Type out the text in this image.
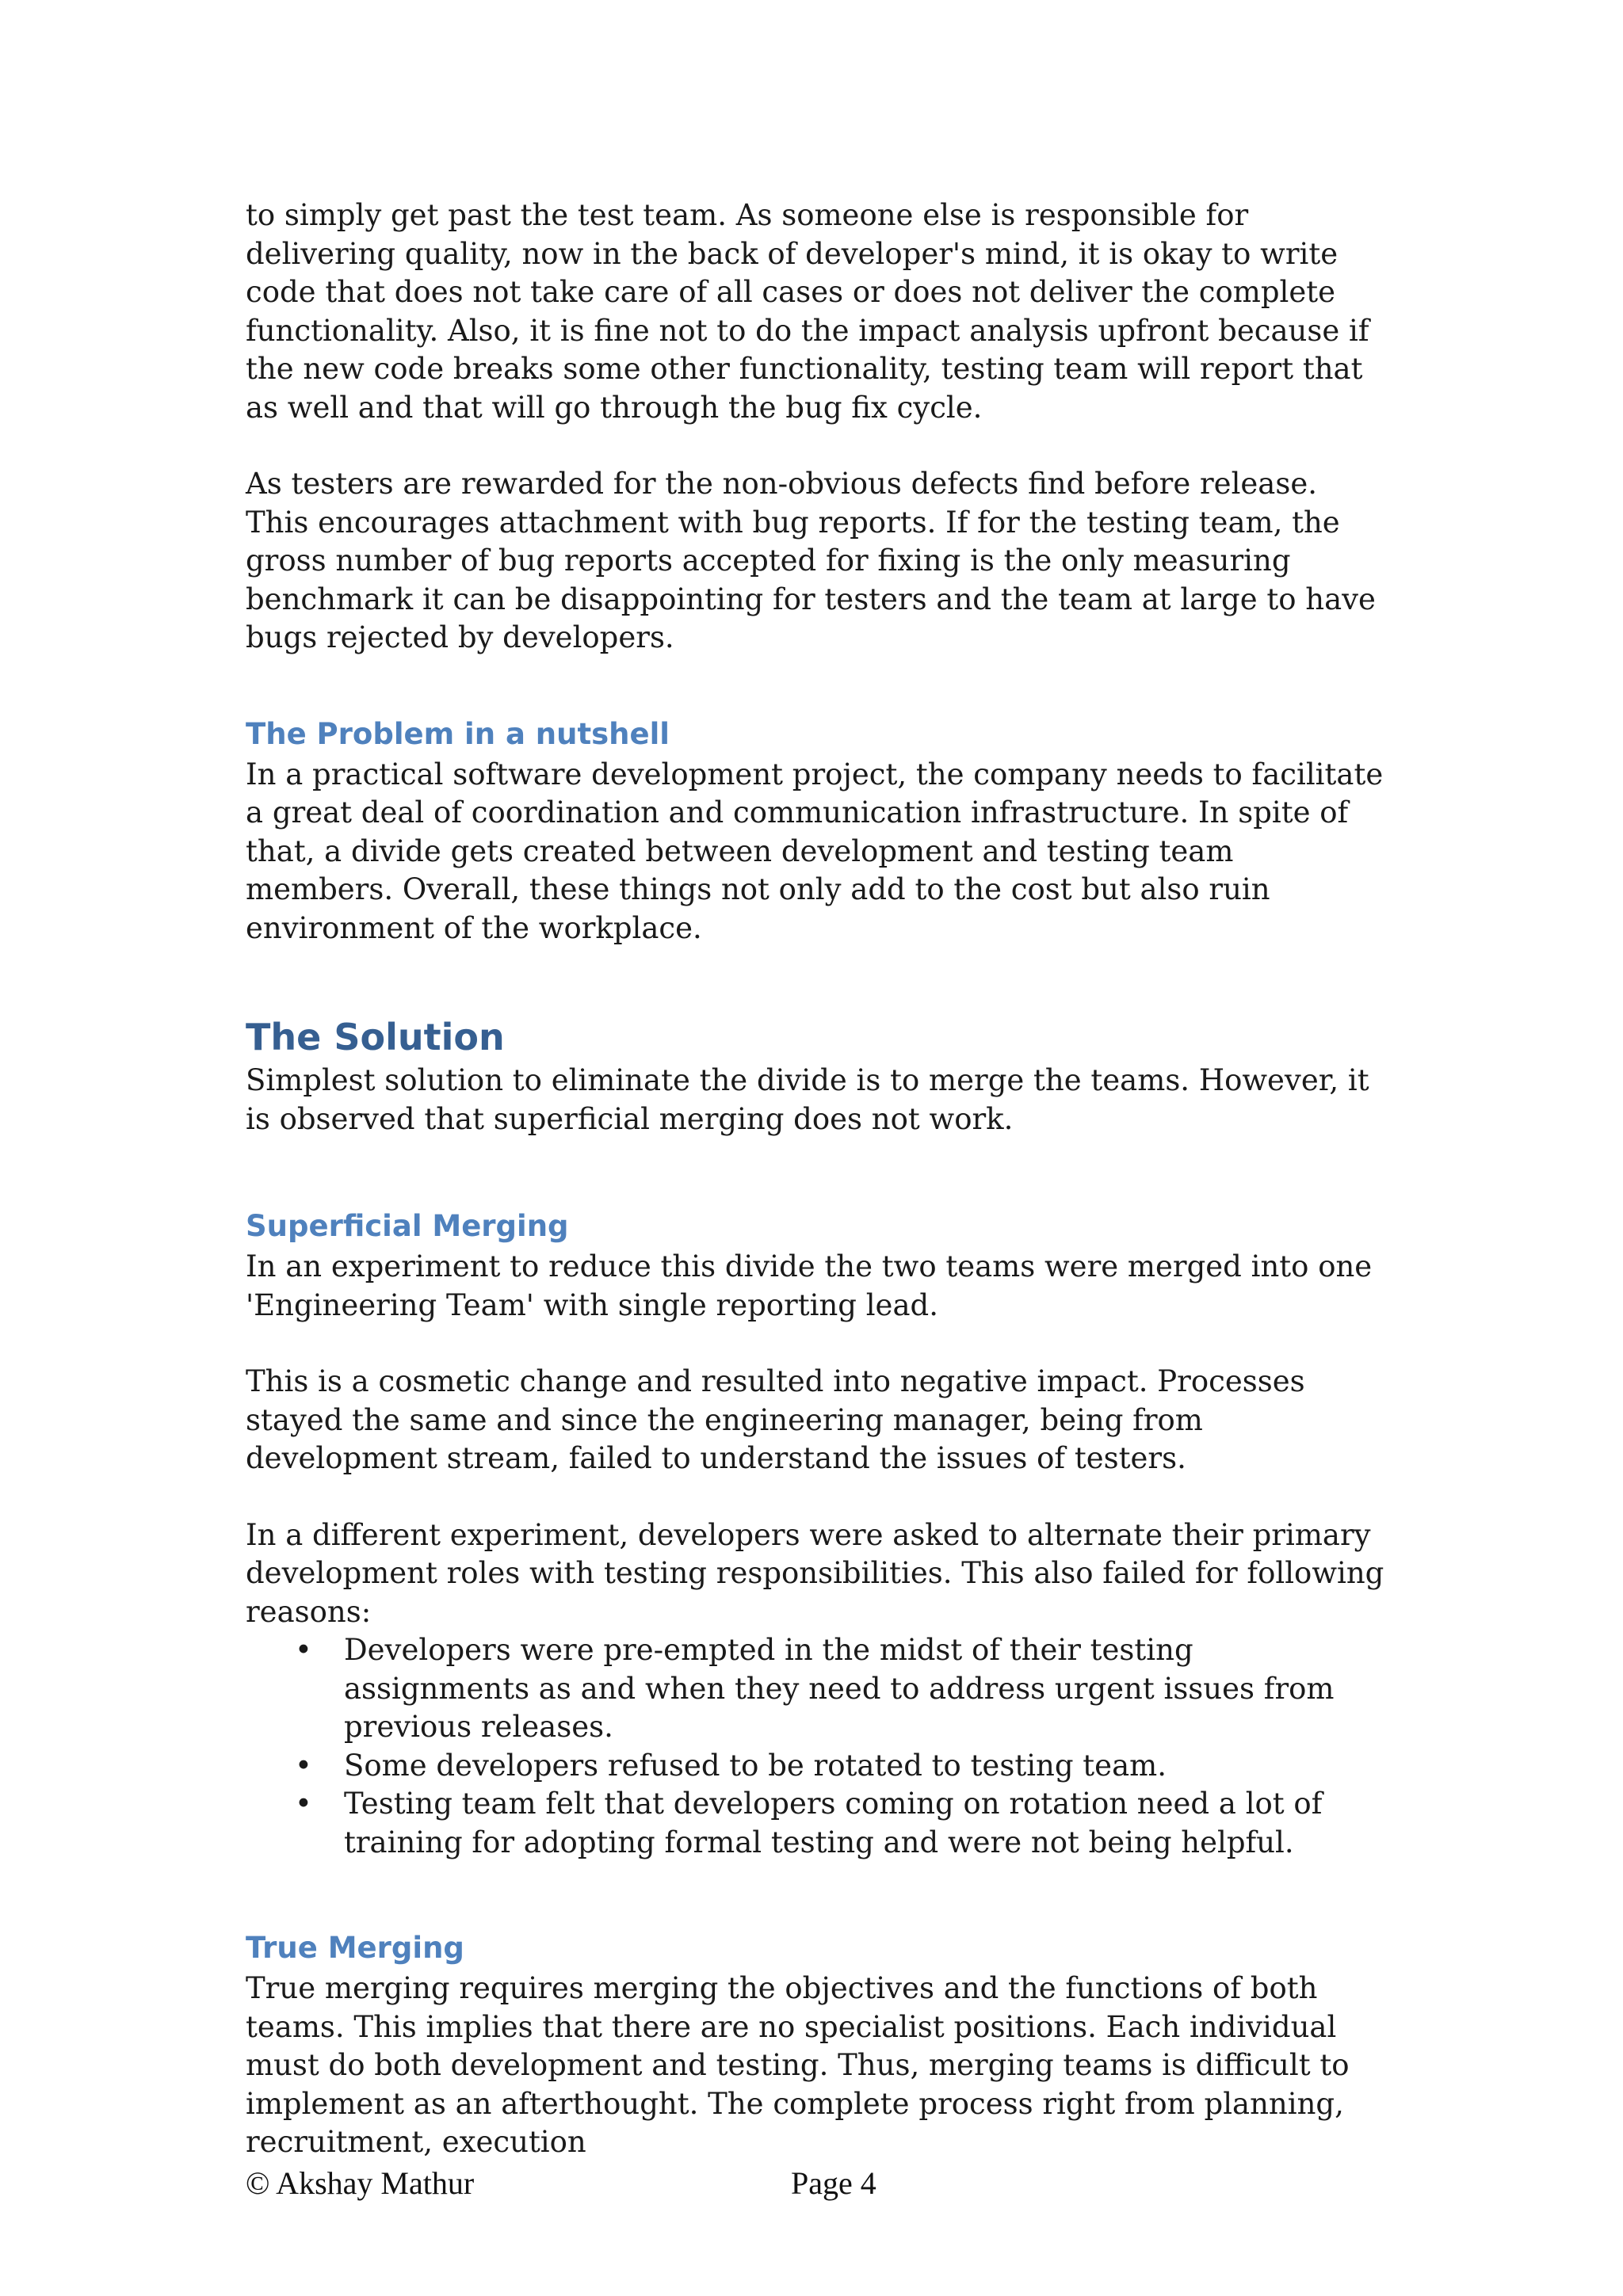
to simply get past the test team. As someone else is responsible for delivering quality, now in the back of developer's mind, it is okay to write code that does not take care of all cases or does not deliver the complete functionality. Also, it is fine not to do the impact analysis upfront because if the new code breaks some other functionality, testing team will report that as well and that will go through the bug fix cycle.

As testers are rewarded for the non-obvious defects find before release. This encourages attachment with bug reports. If for the testing team, the gross number of bug reports accepted for fixing is the only measuring benchmark it can be disappointing for testers and the team at large to have bugs rejected by developers.

The Problem in a nutshell

In a practical software development project, the company needs to facilitate a great deal of coordination and communication infrastructure. In spite of that, a divide gets created between development and testing team members. Overall, these things not only add to the cost but also ruin environment of the workplace.

The Solution

Simplest solution to eliminate the divide is to merge the teams. However, it is observed that superficial merging does not work.

Superficial Merging

In an experiment to reduce this divide the two teams were merged into one 'Engineering Team' with single reporting lead.

This is a cosmetic change and resulted into negative impact. Processes stayed the same and since the engineering manager, being from development stream, failed to understand the issues of testers.

In a different experiment, developers were asked to alternate their primary development roles with testing responsibilities. This also failed for following reasons:

• Developers were pre-empted in the midst of their testing assignments as and when they need to address urgent issues from previous releases.
• Some developers refused to be rotated to testing team.
• Testing team felt that developers coming on rotation need a lot of training for adopting formal testing and were not being helpful.
True Merging

True merging requires merging the objectives and the functions of both teams. This implies that there are no specialist positions. Each individual must do both development and testing. Thus, merging teams is difficult to implement as an afterthought. The complete process right from planning, recruitment, execution

© Akshay Mathur	Page 4
